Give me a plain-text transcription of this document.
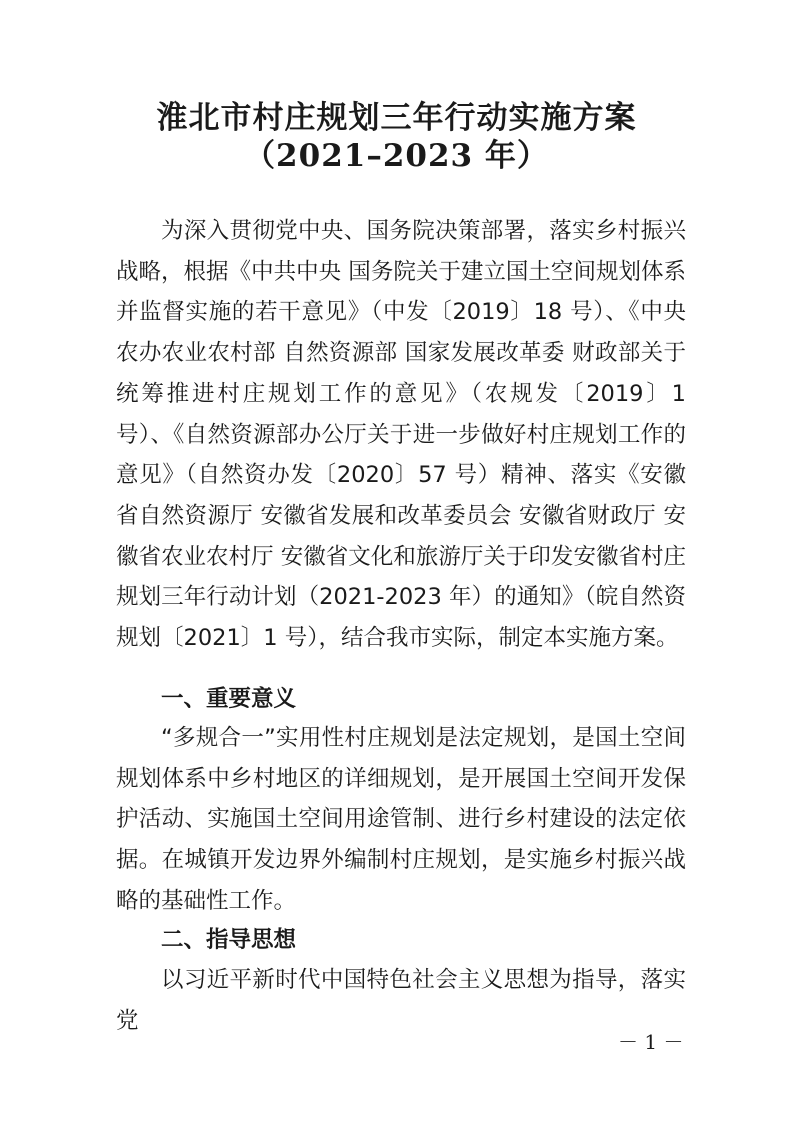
淮北市村庄规划三年行动实施方案
（2021–2023 年）

为深入贯彻党中央、国务院决策部署，落实乡村振兴战略，根据《中共中央 国务院关于建立国土空间规划体系并监督实施的若干意见》（中发〔2019〕18 号）、《中央农办农业农村部 自然资源部 国家发展改革委 财政部关于统筹推进村庄规划工作的意见》（农规发〔2019〕1 号）、《自然资源部办公厅关于进一步做好村庄规划工作的意见》（自然资办发〔2020〕57 号）精神、落实《安徽省自然资源厅 安徽省发展和改革委员会 安徽省财政厅 安徽省农业农村厅 安徽省文化和旅游厅关于印发安徽省村庄规划三年行动计划（2021-2023 年）的通知》（皖自然资规划〔2021〕1 号），结合我市实际，制定本实施方案。

一、重要意义

“多规合一”实用性村庄规划是法定规划，是国土空间规划体系中乡村地区的详细规划，是开展国土空间开发保护活动、实施国土空间用途管制、进行乡村建设的法定依据。在城镇开发边界外编制村庄规划，是实施乡村振兴战略的基础性工作。

二、指导思想

以习近平新时代中国特色社会主义思想为指导，落实党

－ 1 －
